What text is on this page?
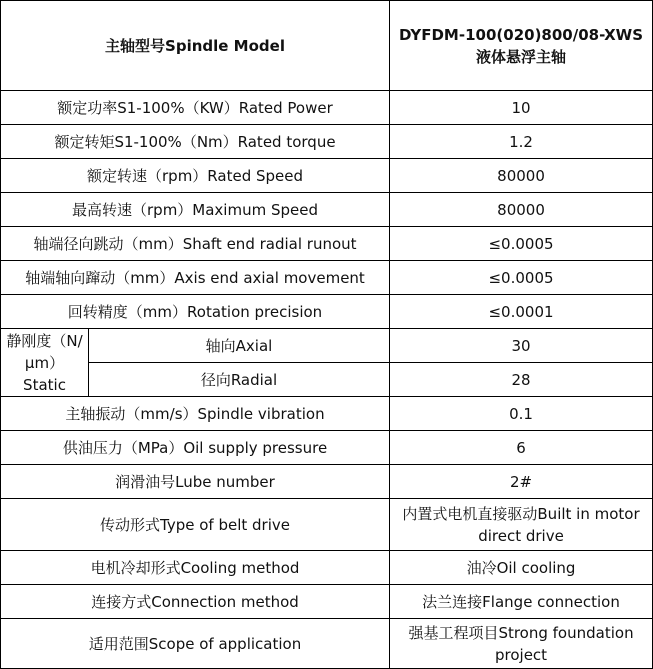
主轴型号Spindle Model		DYFDM-100(020)800/08-XWS
液体悬浮主轴

额定功率S1-100%（KW）Rated Power		10
额定转矩S1-100%（Nm）Rated torque		1.2
额定转速（rpm）Rated Speed		80000
最高转速（rpm）Maximum Speed		80000
轴端径向跳动（mm）Shaft end radial runout		≤0.0005
轴端轴向蹿动（mm）Axis end axial movement		≤0.0005
回转精度（mm）Rotation precision		≤0.0001
静刚度（N/μm）Static	轴向Axial	30
	径向Radial	28
主轴振动（mm/s）Spindle vibration		0.1
供油压力（MPa）Oil supply pressure		6
润滑油号Lube number		2#
传动形式Type of belt drive		内置式电机直接驱动Built in motor direct drive
电机冷却形式Cooling method		油冷Oil cooling
连接方式Connection method		法兰连接Flange connection
适用范围Scope of application		强基工程项目Strong foundation project
